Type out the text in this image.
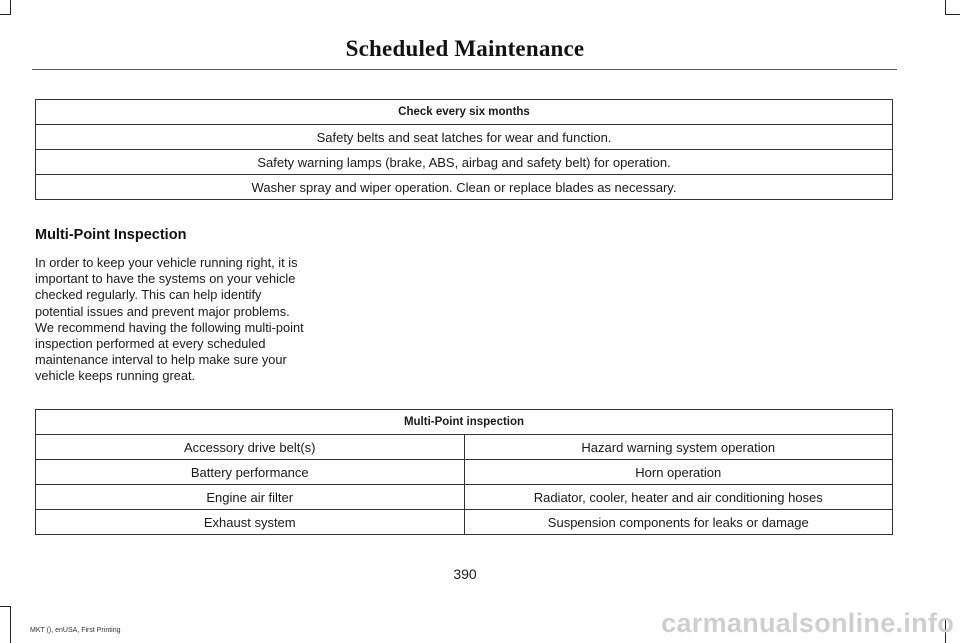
Scheduled Maintenance
Check every six months
Safety belts and seat latches for wear and function.
Safety warning lamps (brake, ABS, airbag and safety belt) for operation.
Washer spray and wiper operation. Clean or replace blades as necessary.
Multi-Point Inspection
In order to keep your vehicle running right, it is important to have the systems on your vehicle checked regularly. This can help identify potential issues and prevent major problems. We recommend having the following multi-point inspection performed at every scheduled maintenance interval to help make sure your vehicle keeps running great.
Multi-Point inspection	
Accessory drive belt(s)	Hazard warning system operation
Battery performance	Horn operation
Engine air filter	Radiator, cooler, heater and air conditioning hoses
Exhaust system	Suspension components for leaks or damage
390
MKT (), enUSA, First Printing	carmanualsonline.info
